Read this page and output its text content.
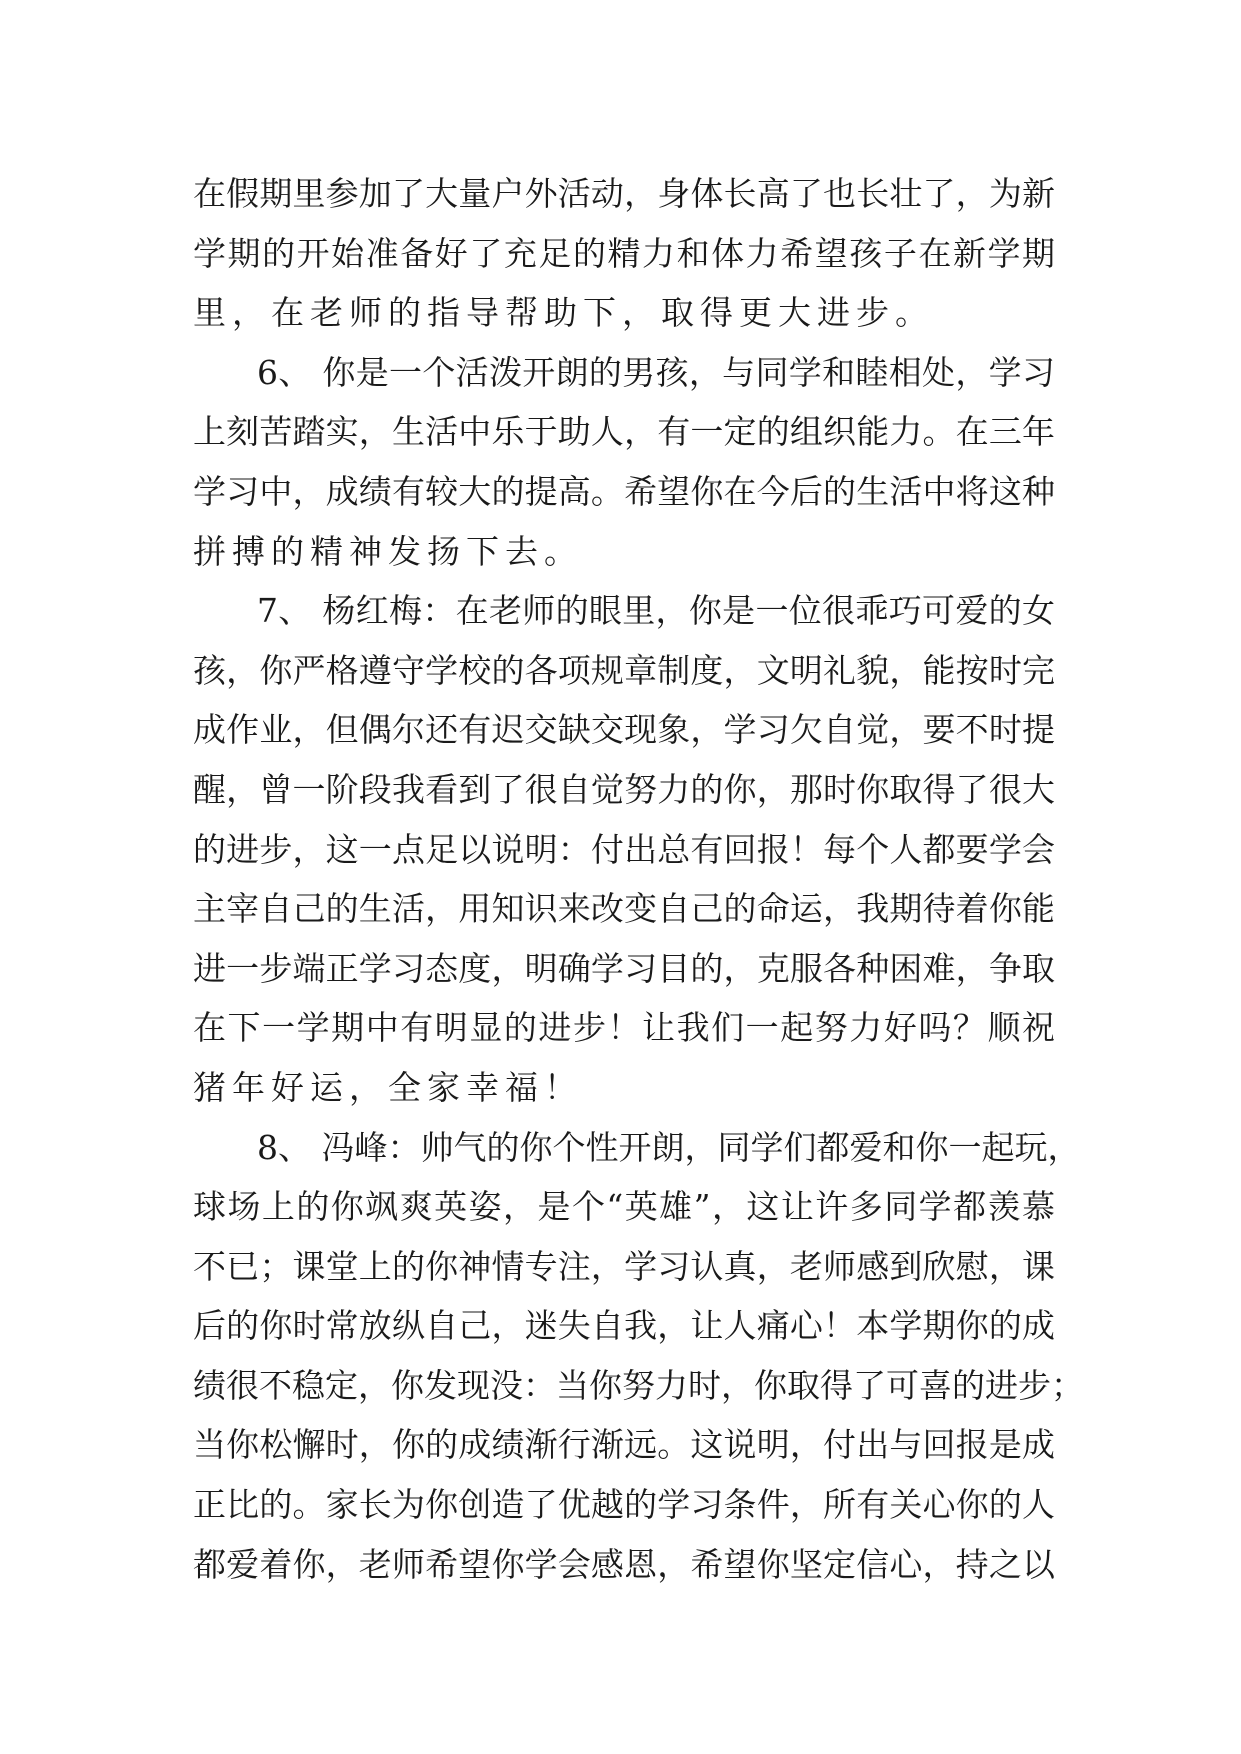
在假期里参加了大量户外活动，身体长高了也长壮了，为新
学期的开始准备好了充足的精力和体力希望孩子在新学期
里，在老师的指导帮助下，取得更大进步。
6、 你是一个活泼开朗的男孩，与同学和睦相处，学习
上刻苦踏实，生活中乐于助人，有一定的组织能力。在三年
学习中，成绩有较大的提高。希望你在今后的生活中将这种
拼搏的精神发扬下去。
7、 杨红梅：在老师的眼里，你是一位很乖巧可爱的女
孩，你严格遵守学校的各项规章制度，文明礼貌，能按时完
成作业，但偶尔还有迟交缺交现象，学习欠自觉，要不时提
醒，曾一阶段我看到了很自觉努力的你，那时你取得了很大
的进步，这一点足以说明：付出总有回报！每个人都要学会
主宰自己的生活，用知识来改变自己的命运，我期待着你能
进一步端正学习态度，明确学习目的，克服各种困难，争取
在下一学期中有明显的进步！让我们一起努力好吗？顺祝
猪年好运，全家幸福！
8、 冯峰：帅气的你个性开朗，同学们都爱和你一起玩，
球场上的你飒爽英姿，是个“英雄”，这让许多同学都羡慕
不已；课堂上的你神情专注，学习认真，老师感到欣慰，课
后的你时常放纵自己，迷失自我，让人痛心！本学期你的成
绩很不稳定，你发现没：当你努力时，你取得了可喜的进步；
当你松懈时，你的成绩渐行渐远。这说明，付出与回报是成
正比的。家长为你创造了优越的学习条件，所有关心你的人
都爱着你，老师希望你学会感恩，希望你坚定信心，持之以
